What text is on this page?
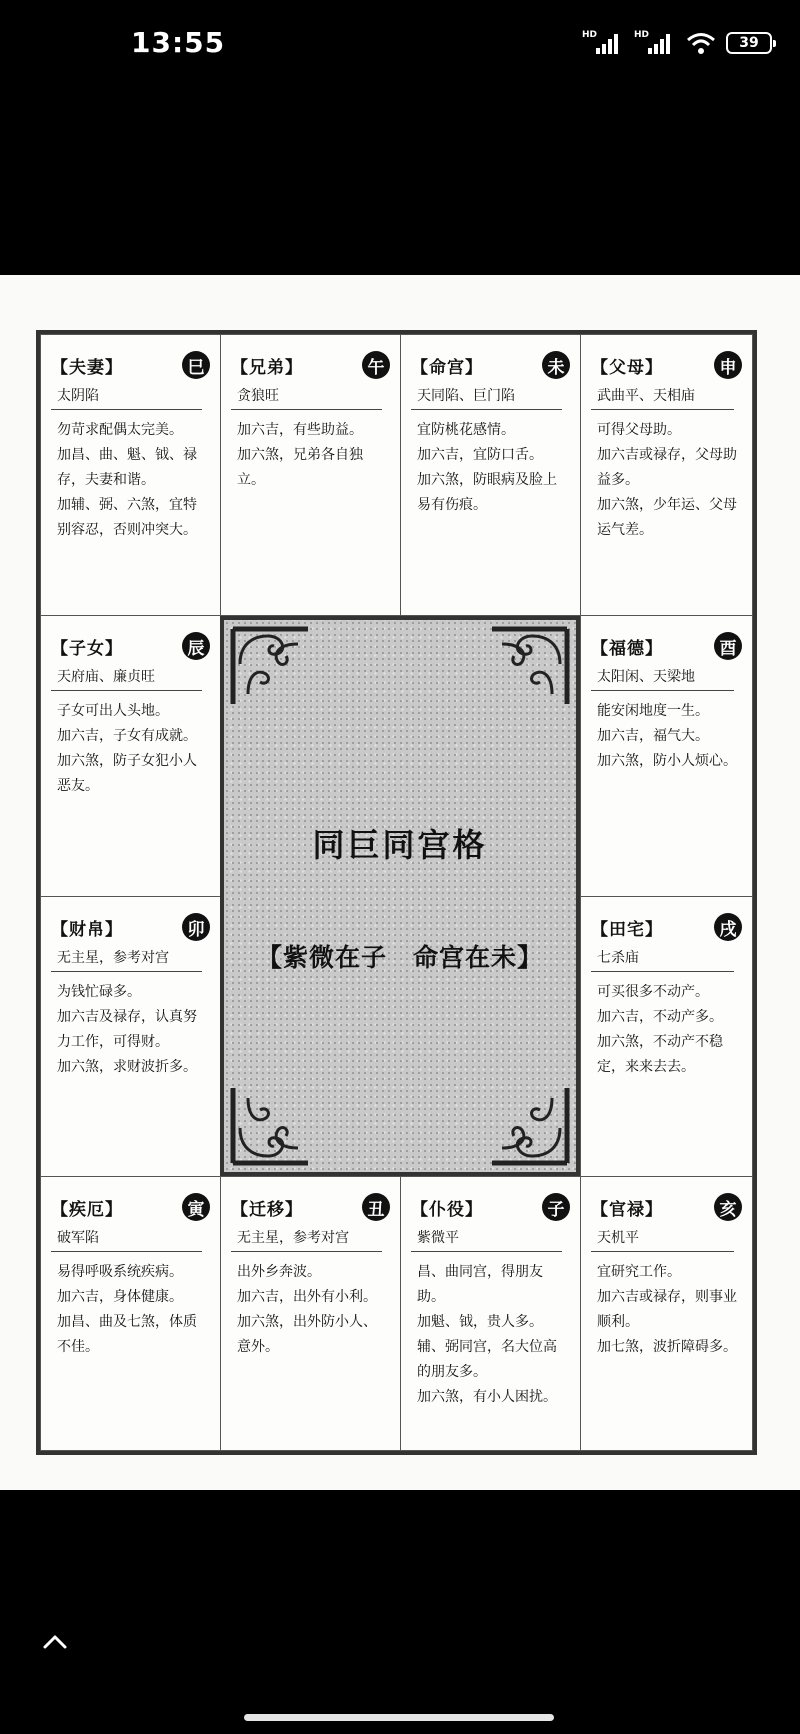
13:55	HD	HD	39
【夫妻】	巳
太阴陷
勿苛求配偶太完美。
加昌、曲、魁、钺、禄存，夫妻和谐。
加辅、弼、六煞，宜特别容忍，否则冲突大。
【兄弟】	午
贪狼旺
加六吉，有些助益。
加六煞，兄弟各自独立。
【命宫】	未
天同陷、巨门陷
宜防桃花感情。
加六吉，宜防口舌。
加六煞，防眼病及脸上易有伤痕。
【父母】	申
武曲平、天相庙
可得父母助。
加六吉或禄存，父母助益多。
加六煞，少年运、父母运气差。
【子女】	辰
天府庙、廉贞旺
子女可出人头地。
加六吉，子女有成就。
加六煞，防子女犯小人恶友。
【福德】	酉
太阳闲、天梁地
能安闲地度一生。
加六吉，福气大。
加六煞，防小人烦心。
【财帛】	卯
无主星，参考对宫
为钱忙碌多。
加六吉及禄存，认真努力工作，可得财。
加六煞，求财波折多。
【田宅】	戌
七杀庙
可买很多不动产。
加六吉，不动产多。
加六煞，不动产不稳定，来来去去。
【疾厄】	寅
破军陷
易得呼吸系统疾病。
加六吉，身体健康。
加昌、曲及七煞，体质不佳。
【迁移】	丑
无主星，参考对宫
出外乡奔波。
加六吉，出外有小利。
加六煞，出外防小人、意外。
【仆役】	子
紫微平
昌、曲同宫，得朋友助。
加魁、钺，贵人多。辅、弼同宫，名大位高的朋友多。
加六煞，有小人困扰。
【官禄】	亥
天机平
宜研究工作。
加六吉或禄存，则事业顺利。
加七煞，波折障碍多。
同巨同宫格
【紫微在子　命宫在未】
